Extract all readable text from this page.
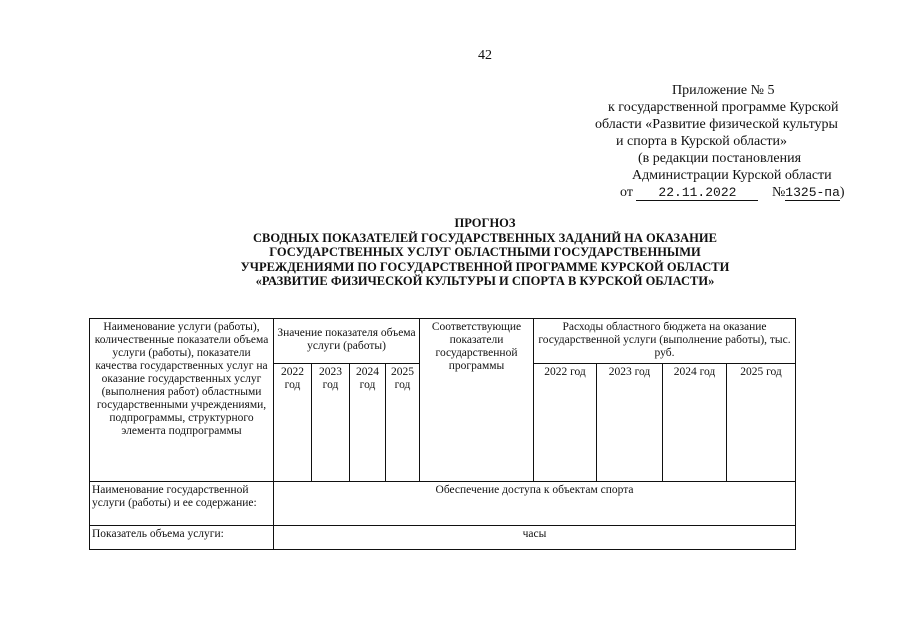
42
Приложение № 5
к государственной программе Курской
области «Развитие физической культуры
и спорта в Курской области»
(в редакции постановления
Администрации Курской области
от 22.11.2022	№1325-па)
ПРОГНОЗ
СВОДНЫХ ПОКАЗАТЕЛЕЙ ГОСУДАРСТВЕННЫХ ЗАДАНИЙ НА ОКАЗАНИЕ
ГОСУДАРСТВЕННЫХ УСЛУГ ОБЛАСТНЫМИ ГОСУДАРСТВЕННЫМИ
УЧРЕЖДЕНИЯМИ ПО ГОСУДАРСТВЕННОЙ ПРОГРАММЕ КУРСКОЙ ОБЛАСТИ
«РАЗВИТИЕ ФИЗИЧЕСКОЙ КУЛЬТУРЫ И СПОРТА В КУРСКОЙ ОБЛАСТИ»
Наименование услуги (работы), количественные показатели объема услуги (работы), показатели качества государственных услуг на оказание государственных услуг (выполнения работ) областными государственными учреждениями, подпрограммы, структурного элемента подпрограммы	Значение показателя объема услуги (работы)				Соответствующие показатели государственной программы	Расходы областного бюджета на оказание государственной услуги (выполнение работы), тыс. руб.			

	2022 год	2023 год	2024 год	2025 год		2022 год	2023 год	2024 год	2025 год
Наименование государственной услуги (работы) и ее содержание:	Обеспечение доступа к объектам спорта								
Показатель объема услуги:	часы								
